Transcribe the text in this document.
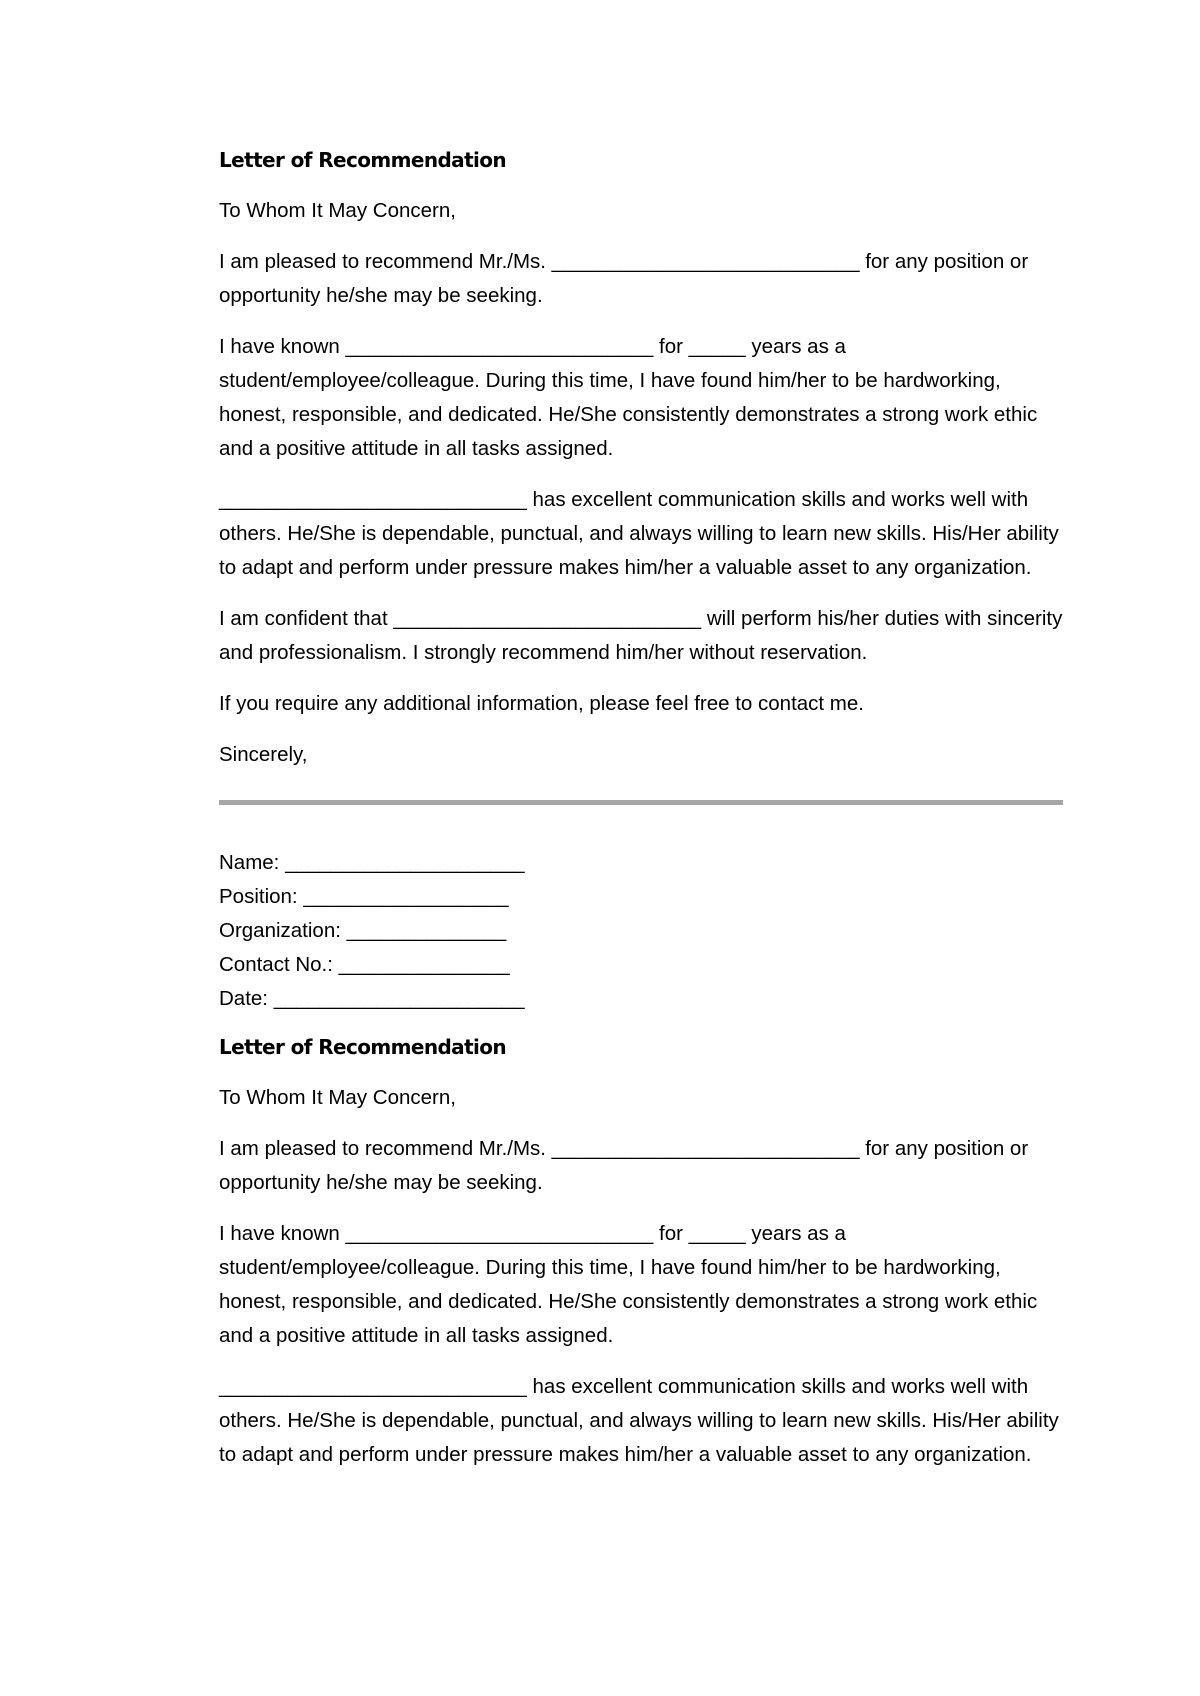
Letter of Recommendation

To Whom It May Concern,

I am pleased to recommend Mr./Ms. ___________________________ for any position or opportunity he/she may be seeking.

I have known ___________________________ for _____ years as a student/employee/colleague. During this time, I have found him/her to be hardworking, honest, responsible, and dedicated. He/She consistently demonstrates a strong work ethic and a positive attitude in all tasks assigned.

___________________________ has excellent communication skills and works well with others. He/She is dependable, punctual, and always willing to learn new skills. His/Her ability to adapt and perform under pressure makes him/her a valuable asset to any organization.

I am confident that ___________________________ will perform his/her duties with sincerity and professionalism. I strongly recommend him/her without reservation.

If you require any additional information, please feel free to contact me.

Sincerely,

Name: _____________________

Position: __________________

Organization: ______________

Contact No.: _______________

Date: ______________________

Letter of Recommendation

To Whom It May Concern,

I am pleased to recommend Mr./Ms. ___________________________ for any position or opportunity he/she may be seeking.

I have known ___________________________ for _____ years as a student/employee/colleague. During this time, I have found him/her to be hardworking, honest, responsible, and dedicated. He/She consistently demonstrates a strong work ethic and a positive attitude in all tasks assigned.

___________________________ has excellent communication skills and works well with others. He/She is dependable, punctual, and always willing to learn new skills. His/Her ability to adapt and perform under pressure makes him/her a valuable asset to any organization.
